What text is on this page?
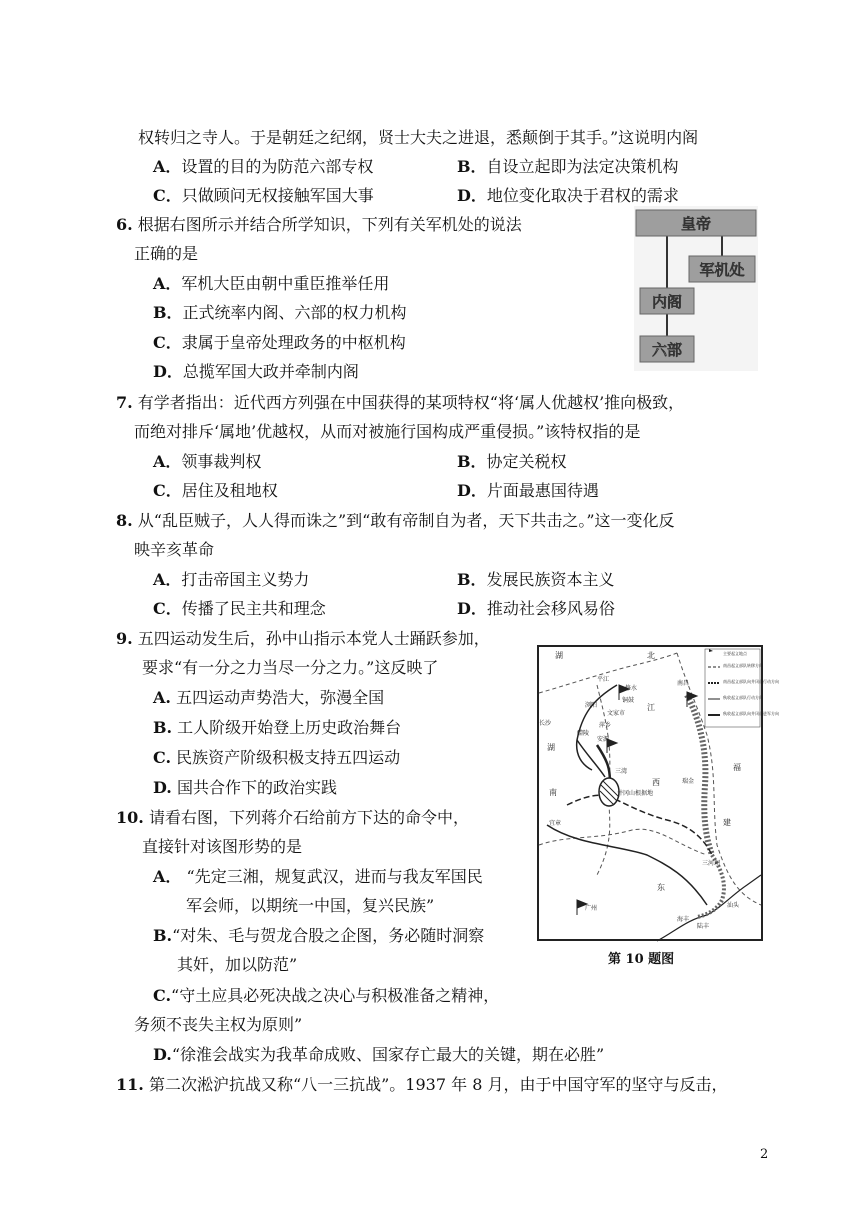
权转归之寺人。于是朝廷之纪纲，贤士大夫之进退，悉颠倒于其手。”这说明内阁
A．设置的目的为防范六部专权	B．自设立起即为法定决策机构
C．只做顾问无权接触军国大事	D．地位变化取决于君权的需求
6. 根据右图所示并结合所学知识，下列有关军机处的说法
正确的是
A．军机大臣由朝中重臣推举任用
B．正式统率内阁、六部的权力机构
C．隶属于皇帝处理政务的中枢机构
D．总揽军国大政并牵制内阁
皇帝
军机处
内阁
六部
7. 有学者指出：近代西方列强在中国获得的某项特权“将‘属人优越权’推向极致，
而绝对排斥‘属地’优越权，从而对被施行国构成严重侵损。”该特权指的是
A．领事裁判权	B．协定关税权
C．居住及租地权	D．片面最惠国待遇
8. 从“乱臣贼子，人人得而诛之”到“敢有帝制自为者，天下共击之。”这一变化反
映辛亥革命
A．打击帝国主义势力	B．发展民族资本主义
C．传播了民主共和理念	D．推动社会移风易俗
9. 五四运动发生后，孙中山指示本党人士踊跃参加，
要求“有一分之力当尽一分之力。”这反映了
A. 五四运动声势浩大，弥漫全国
B. 工人阶级开始登上历史政治舞台
C. 民族资产阶级积极支持五四运动
D. 国共合作下的政治实践
10. 请看右图，下列蒋介石给前方下达的命令中，
直接针对该图形势的是
A． “先定三湘，规复武汉，进而与我友军国民
军会师，以期统一中国，复兴民族”
B.“对朱、毛与贺龙合股之企图，务必随时洞察
其奸，加以防范”
C.“守土应具必死决战之决心与积极准备之精神，
务须不丧失主权为原则”
D.“徐淮会战实为我革命成败、国家存亡最大的关键，期在必胜”
湖	北
江
西
福
建
南
东
湖
修水
平江
铜鼓
浏阳
文家市
长沙	萍乡
安源
醴陵
三湾
井冈山根据地
南昌
瑞金
宜章
三河坝
广州
海丰
陆丰
汕头
主要起义地点
南昌起义部队转移方向
南昌起义部队向井冈山行动方向
秋收起义部队行动方向
秋收起义部队向井冈山进军方向
第 10 题图
11. 第二次淞沪抗战又称“八一三抗战”。1937 年 8 月，由于中国守军的坚守与反击，
2
